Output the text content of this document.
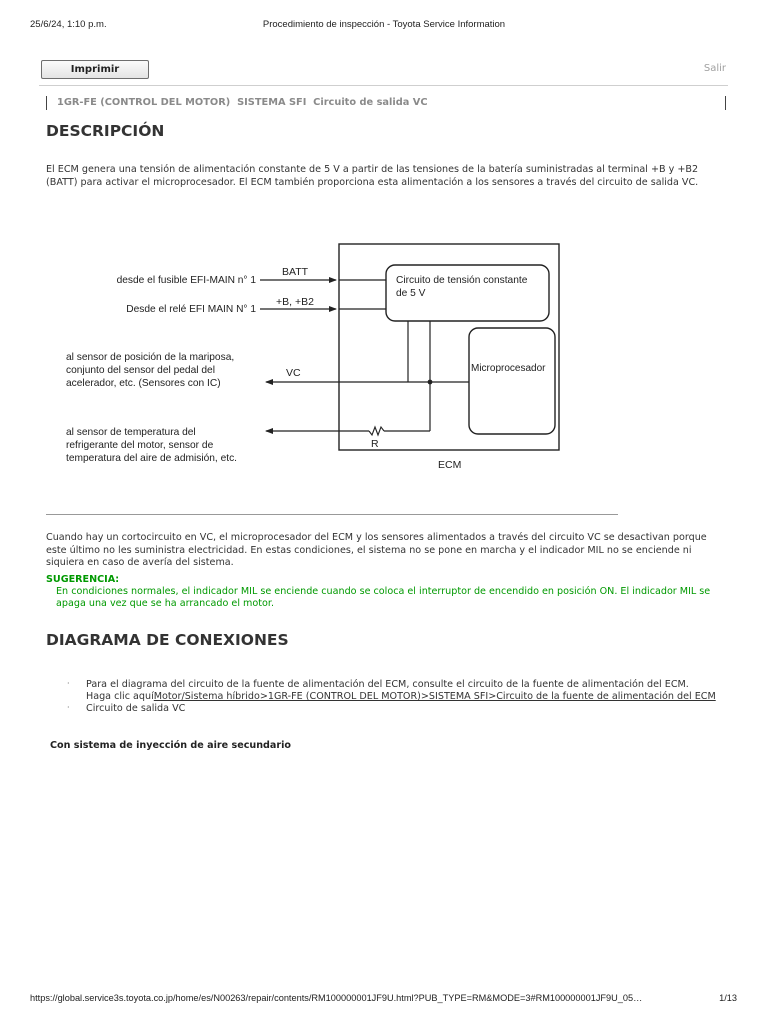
25/6/24, 1:10 p.m.	Procedimiento de inspección - Toyota Service Information
Imprimir	Salir
1GR-FE (CONTROL DEL MOTOR)  SISTEMA SFI  Circuito de salida VC
DESCRIPCIÓN

El ECM genera una tensión de alimentación constante de 5 V a partir de las tensiones de la batería suministradas al terminal +B y +B2 (BATT) para activar el microprocesador. El ECM también proporciona esta alimentación a los sensores a través del circuito de salida VC.

BATT
+B, +B2
VC
R
desde el fusible EFI-MAIN n° 1
Desde el relé EFI MAIN N° 1
al sensor de posición de la mariposa,
conjunto del sensor del pedal del
acelerador, etc. (Sensores con IC)
al sensor de temperatura del
refrigerante del motor, sensor de
temperatura del aire de admisión, etc.
Circuito de tensión constante
de 5 V
Microprocesador
ECM

Cuando hay un cortocircuito en VC, el microprocesador del ECM y los sensores alimentados a través del circuito VC se desactivan porque este último no les suministra electricidad. En estas condiciones, el sistema no se pone en marcha y el indicador MIL no se enciende ni siquiera en caso de avería del sistema.

SUGERENCIA:

En condiciones normales, el indicador MIL se enciende cuando se coloca el interruptor de encendido en posición ON. El indicador MIL se apaga una vez que se ha arrancado el motor.

DIAGRAMA DE CONEXIONES
· Para el diagrama del circuito de la fuente de alimentación del ECM, consulte el circuito de la fuente de alimentación del ECM.
Haga clic aquíMotor/Sistema híbrido>1GR-FE (CONTROL DEL MOTOR)>SISTEMA SFI>Circuito de la fuente de alimentación del ECM
· Circuito de salida VC
Con sistema de inyección de aire secundario
https://global.service3s.toyota.co.jp/home/es/N00263/repair/contents/RM100000001JF9U.html?PUB_TYPE=RM&MODE=3#RM100000001JF9U_05…	1/13
